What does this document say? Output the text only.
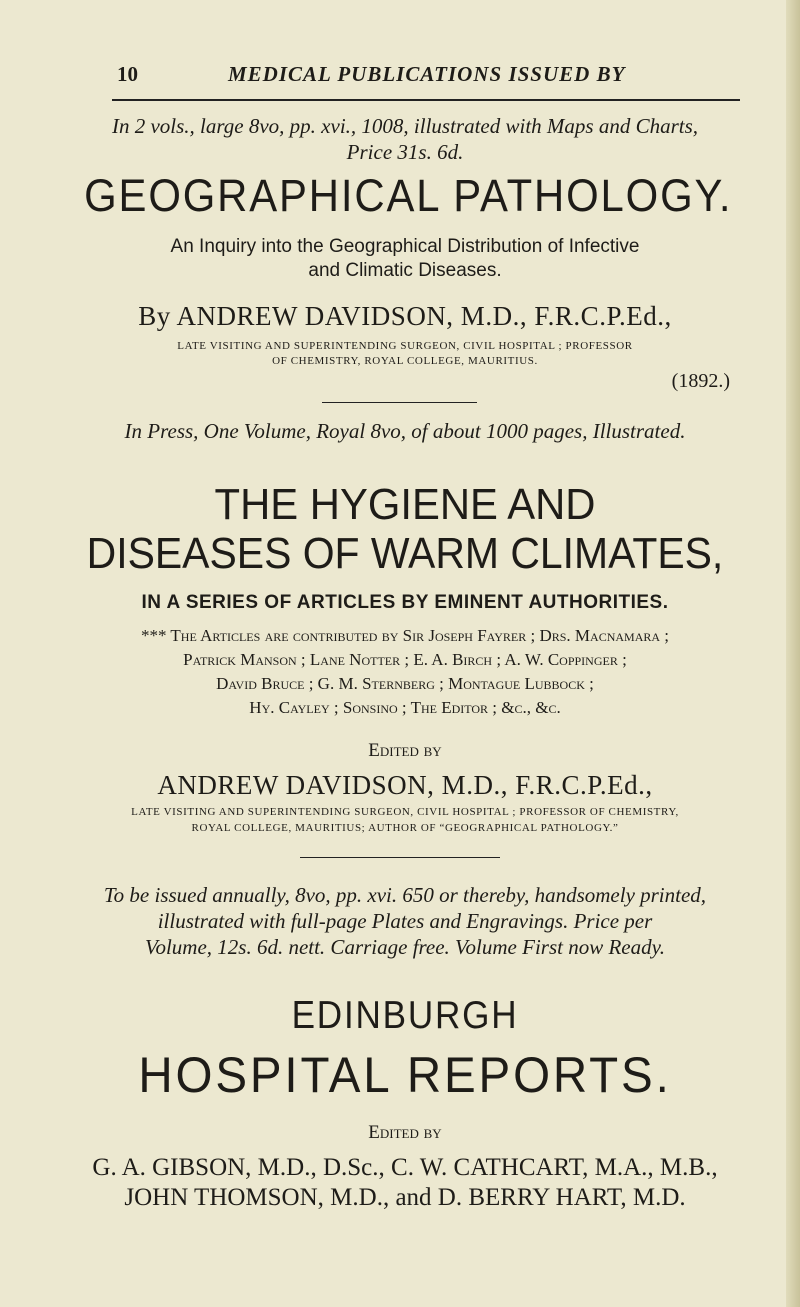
10	MEDICAL PUBLICATIONS ISSUED BY
In 2 vols., large 8vo, pp. xvi., 1008, illustrated with Maps and Charts,
Price 31s. 6d.
GEOGRAPHICAL PATHOLOGY.
An Inquiry into the Geographical Distribution of Infective
and Climatic Diseases.
By ANDREW DAVIDSON, M.D., F.R.C.P.Ed.,
LATE VISITING AND SUPERINTENDING SURGEON, CIVIL HOSPITAL ; PROFESSOR
OF CHEMISTRY, ROYAL COLLEGE, MAURITIUS.
(1892.)
In Press, One Volume, Royal 8vo, of about 1000 pages, Illustrated.
THE HYGIENE AND
DISEASES OF WARM CLIMATES,
IN A SERIES OF ARTICLES BY EMINENT AUTHORITIES.
*** The Articles are contributed by Sir Joseph Fayrer ; Drs. Macnamara ;
Patrick Manson ; Lane Notter ; E. A. Birch ; A. W. Coppinger ;
David Bruce ; G. M. Sternberg ; Montague Lubbock ;
Hy. Cayley ; Sonsino ; The Editor ; &c., &c.
Edited by
ANDREW DAVIDSON, M.D., F.R.C.P.Ed.,
LATE VISITING AND SUPERINTENDING SURGEON, CIVIL HOSPITAL ; PROFESSOR OF CHEMISTRY,
ROYAL COLLEGE, MAURITIUS; AUTHOR OF “GEOGRAPHICAL PATHOLOGY.”
To be issued annually, 8vo, pp. xvi. 650 or thereby, handsomely printed,
illustrated with full-page Plates and Engravings. Price per
Volume, 12s. 6d. nett. Carriage free. Volume First now Ready.
EDINBURGH
HOSPITAL REPORTS.
Edited by
G. A. GIBSON, M.D., D.Sc., C. W. CATHCART, M.A., M.B.,
JOHN THOMSON, M.D., and D. BERRY HART, M.D.
